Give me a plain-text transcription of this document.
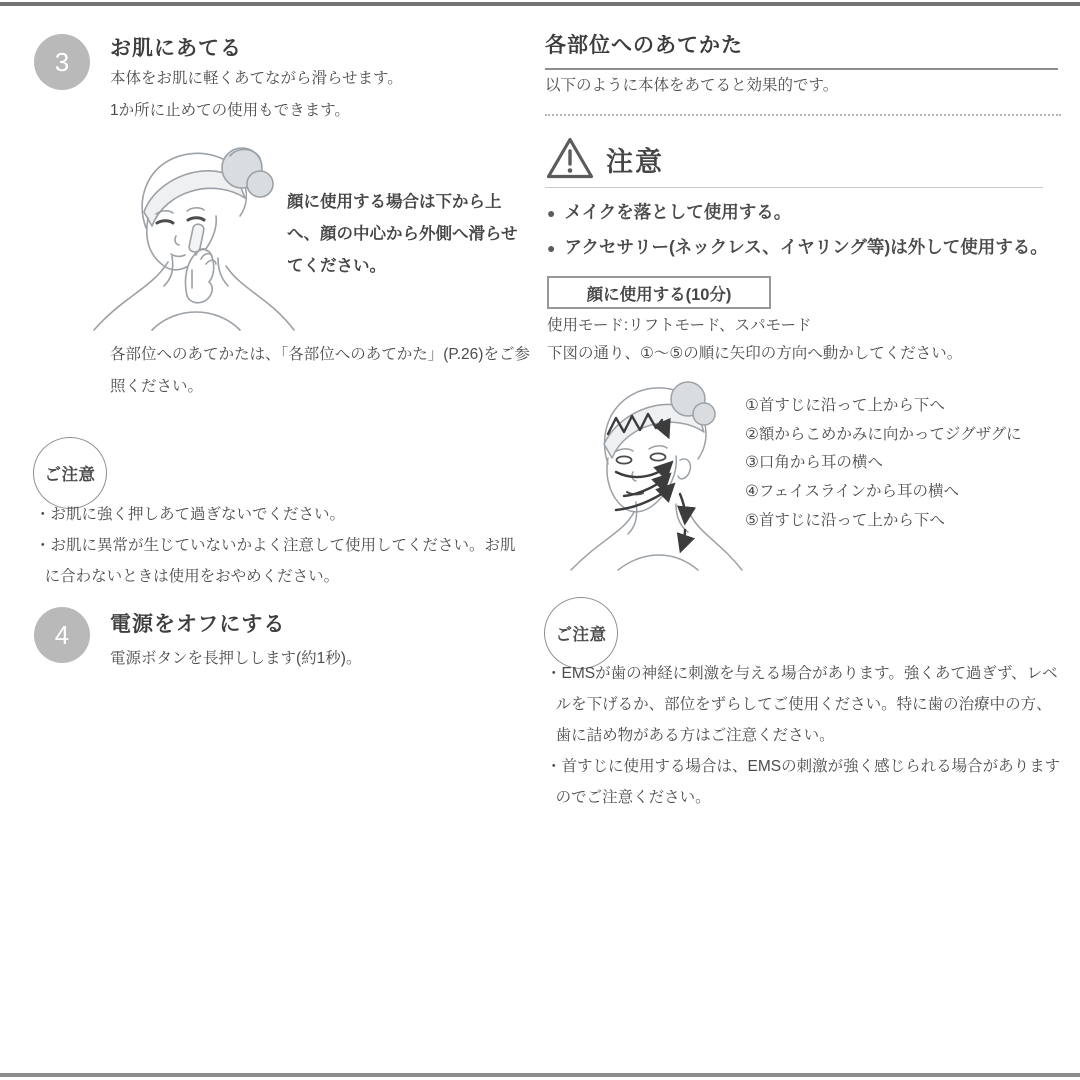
3 お肌にあてる
本体をお肌に軽くあてながら滑らせます。
1か所に止めての使用もできます。
顔に使用する場合は下から上へ、顔の中心から外側へ滑らせてください。
各部位へのあてかたは、「各部位へのあてかた」(P.26)をご参照ください。
ご注意
・お肌に強く押しあて過ぎないでください。
・お肌に異常が生じていないかよく注意して使用してください。お肌に合わないときは使用をおやめください。
4 電源をオフにする
電源ボタンを長押しします(約1秒)。
各部位へのあてかた
以下のように本体をあてると効果的です。
注意
● メイクを落として使用する。
● アクセサリー(ネックレス、イヤリング等)は外して使用する。
顔に使用する(10分)
使用モード:リフトモード、スパモード
下図の通り、①～⑤の順に矢印の方向へ動かしてください。
①首すじに沿って上から下へ
②額からこめかみに向かってジグザグに
③口角から耳の横へ
④フェイスラインから耳の横へ
⑤首すじに沿って上から下へ
ご注意
・EMSが歯の神経に刺激を与える場合があります。強くあて過ぎず、レベルを下げるか、部位をずらしてご使用ください。特に歯の治療中の方、歯に詰め物がある方はご注意ください。
・首すじに使用する場合は、EMSの刺激が強く感じられる場合がありますのでご注意ください。
